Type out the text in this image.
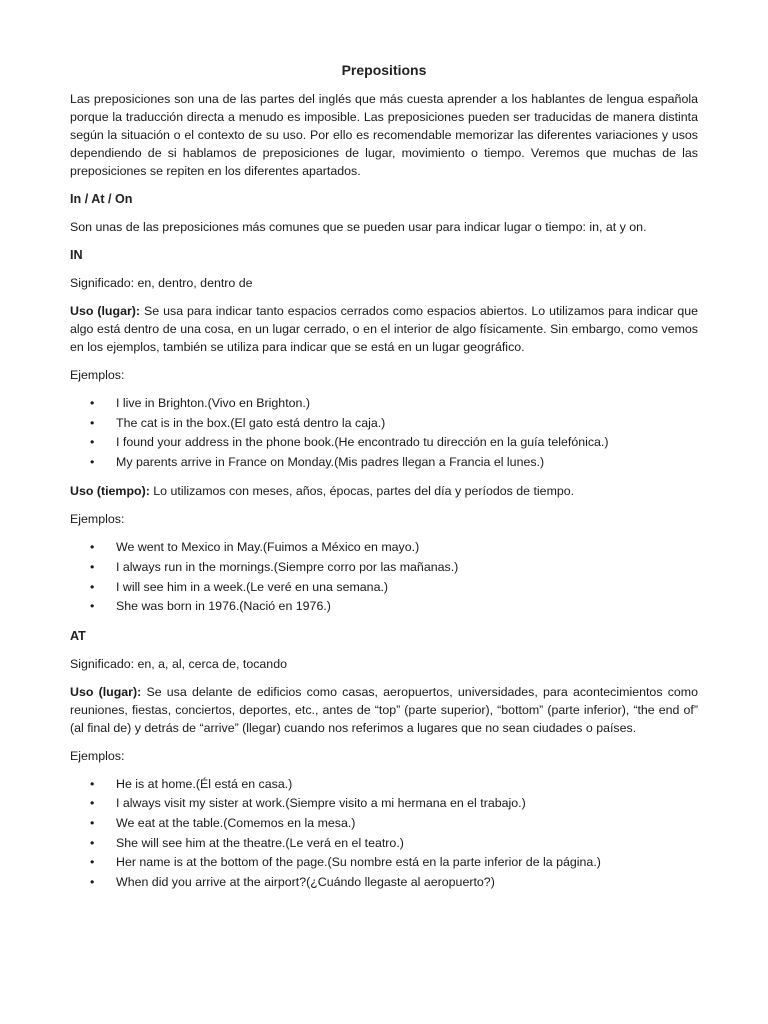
Prepositions

Las preposiciones son una de las partes del inglés que más cuesta aprender a los hablantes de lengua española porque la traducción directa a menudo es imposible. Las preposiciones pueden ser traducidas de manera distinta según la situación o el contexto de su uso. Por ello es recomendable memorizar las diferentes variaciones y usos dependiendo de si hablamos de preposiciones de lugar, movimiento o tiempo. Veremos que muchas de las preposiciones se repiten en los diferentes apartados.

In / At / On

Son unas de las preposiciones más comunes que se pueden usar para indicar lugar o tiempo: in, at y on.

IN

Significado: en, dentro, dentro de

Uso (lugar): Se usa para indicar tanto espacios cerrados como espacios abiertos. Lo utilizamos para indicar que algo está dentro de una cosa, en un lugar cerrado, o en el interior de algo físicamente. Sin embargo, como vemos en los ejemplos, también se utiliza para indicar que se está en un lugar geográfico.

Ejemplos:

• I live in Brighton.(Vivo en Brighton.)
• The cat is in the box.(El gato está dentro la caja.)
• I found your address in the phone book.(He encontrado tu dirección en la guía telefónica.)
• My parents arrive in France on Monday.(Mis padres llegan a Francia el lunes.)

Uso (tiempo): Lo utilizamos con meses, años, épocas, partes del día y períodos de tiempo.

Ejemplos:

• We went to Mexico in May.(Fuimos a México en mayo.)
• I always run in the mornings.(Siempre corro por las mañanas.)
• I will see him in a week.(Le veré en una semana.)
• She was born in 1976.(Nació en 1976.)
AT

Significado: en, a, al, cerca de, tocando

Uso (lugar): Se usa delante de edificios como casas, aeropuertos, universidades, para acontecimientos como reuniones, fiestas, conciertos, deportes, etc., antes de “top” (parte superior), “bottom” (parte inferior), “the end of” (al final de) y detrás de “arrive” (llegar) cuando nos referimos a lugares que no sean ciudades o países.

Ejemplos:

• He is at home.(Él está en casa.)
• I always visit my sister at work.(Siempre visito a mi hermana en el trabajo.)
• We eat at the table.(Comemos en la mesa.)
• She will see him at the theatre.(Le verá en el teatro.)
• Her name is at the bottom of the page.(Su nombre está en la parte inferior de la página.)
• When did you arrive at the airport?(¿Cuándo llegaste al aeropuerto?)
